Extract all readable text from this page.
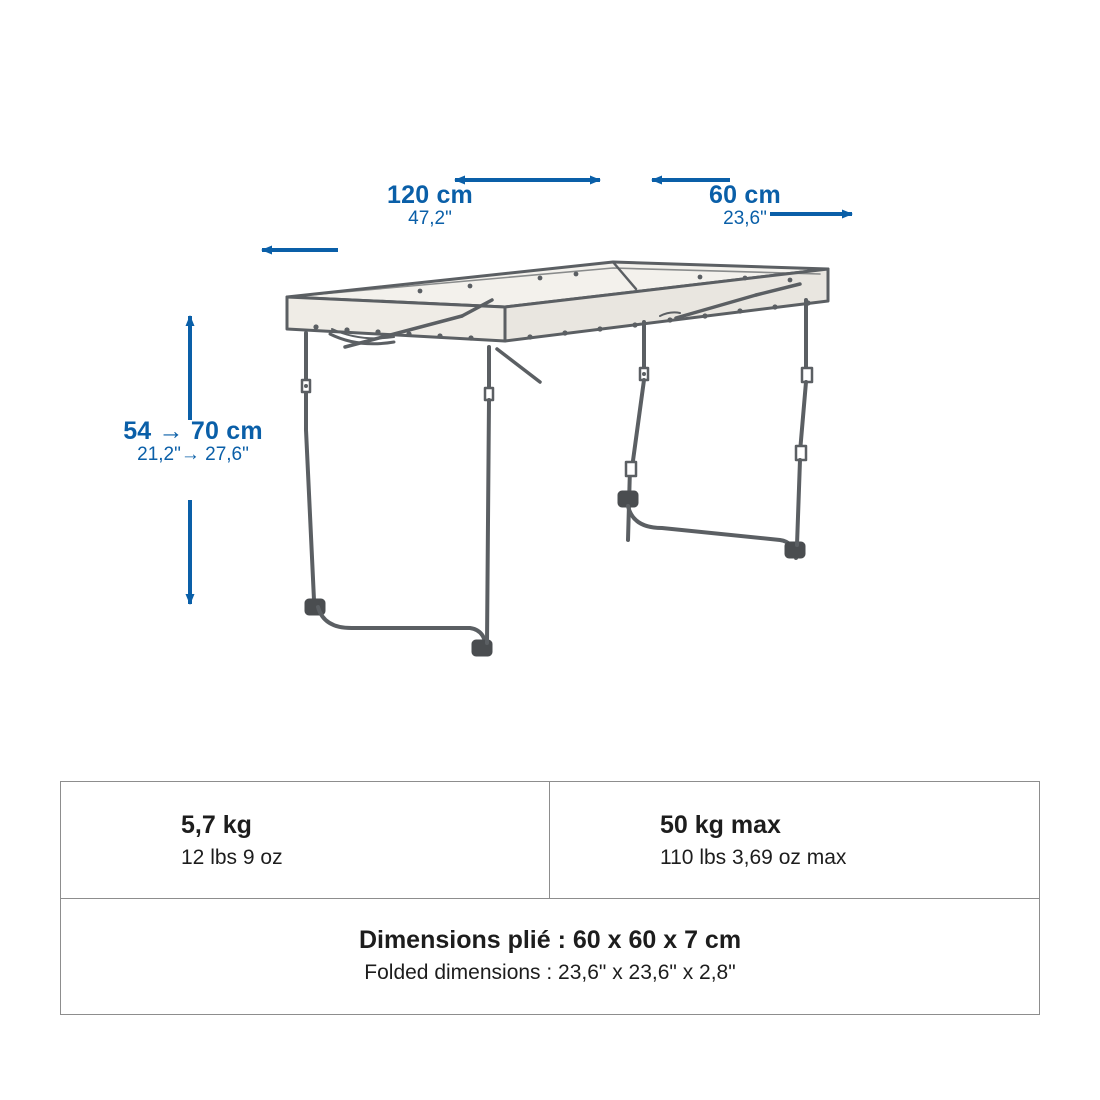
120 cm
47,2"
60 cm
23,6"
54 → 70 cm
21,2"→ 27,6"
5,7 kg
12 lbs 9 oz
50 kg max
110 lbs 3,69 oz max
Dimensions plié : 60 x 60 x 7 cm
Folded dimensions : 23,6" x 23,6" x 2,8"
